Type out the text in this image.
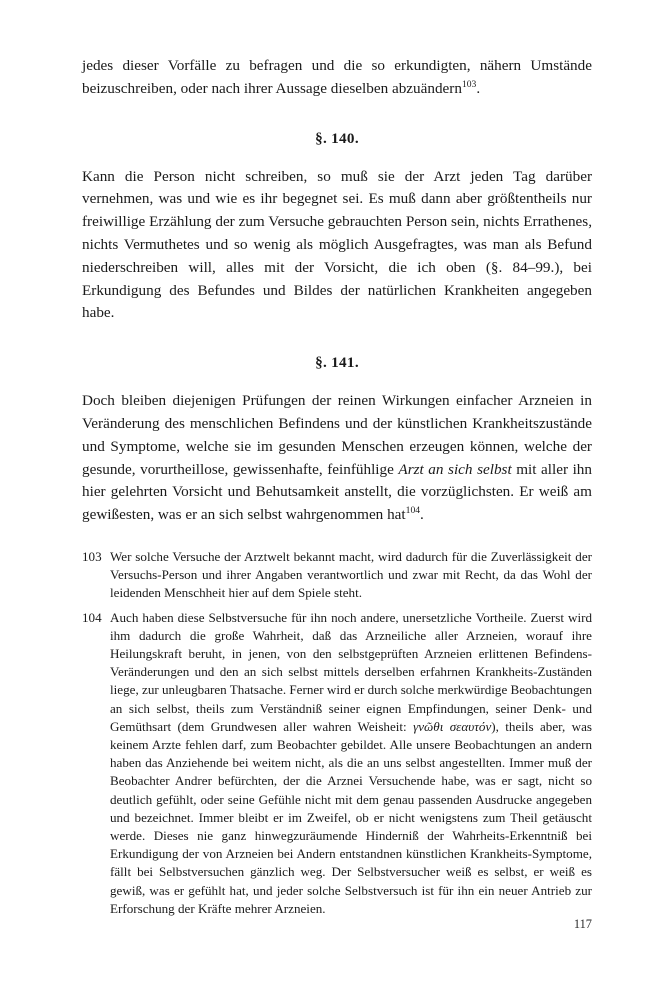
jedes dieser Vorfälle zu befragen und die so erkundigten, nähern Umstände beizuschreiben, oder nach ihrer Aussage dieselben abzuändern$^{103}$.

§. 140.

Kann die Person nicht schreiben, so muß sie der Arzt jeden Tag darüber vernehmen, was und wie es ihr begegnet sei. Es muß dann aber größtentheils nur freiwillige Erzählung der zum Versuche gebrauchten Person sein, nichts Errathenes, nichts Vermuthetes und so wenig als möglich Ausgefragtes, was man als Befund niederschreiben will, alles mit der Vorsicht, die ich oben (§. 84–99.), bei Erkundigung des Befundes und Bildes der natürlichen Krankheiten angegeben habe.

§. 141.

Doch bleiben diejenigen Prüfungen der reinen Wirkungen einfacher Arzneien in Veränderung des menschlichen Befindens und der künstlichen Krankheitszustände und Symptome, welche sie im gesunden Menschen erzeugen können, welche der gesunde, vorurtheillose, gewissenhafte, feinfühlige Arzt an sich selbst mit aller ihn hier gelehrten Vorsicht und Behutsamkeit anstellt, die vorzüglichsten. Er weiß am gewißesten, was er an sich selbst wahrgenommen hat$^{104}$.

103 Wer solche Versuche der Arztwelt bekannt macht, wird dadurch für die Zuverlässigkeit der Versuchs-Person und ihrer Angaben verantwortlich und zwar mit Recht, da das Wohl der leidenden Menschheit hier auf dem Spiele steht.
104 Auch haben diese Selbstversuche für ihn noch andere, unersetzliche Vortheile. Zuerst wird ihm dadurch die große Wahrheit, daß das Arzneiliche aller Arzneien, worauf ihre Heilungskraft beruht, in jenen, von den selbstgeprüften Arzneien erlittenen Befindens-Veränderungen und den an sich selbst mittels derselben erfahrnen Krankheits-Zuständen liege, zur unleugbaren Thatsache. Ferner wird er durch solche merkwürdige Beobachtungen an sich selbst, theils zum Verständniß seiner eignen Empfindungen, seiner Denk- und Gemüthsart (dem Grundwesen aller wahren Weisheit: γνῶθι σεαυτόν), theils aber, was keinem Arzte fehlen darf, zum Beobachter gebildet. Alle unsere Beobachtungen an andern haben das Anziehende bei weitem nicht, als die an uns selbst angestellten. Immer muß der Beobachter Andrer befürchten, der die Arznei Versuchende habe, was er sagt, nicht so deutlich gefühlt, oder seine Gefühle nicht mit dem genau passenden Ausdrucke angegeben und bezeichnet. Immer bleibt er im Zweifel, ob er nicht wenigstens zum Theil getäuscht werde. Dieses nie ganz hinwegzuräumende Hinderniß der Wahrheits-Erkenntniß bei Erkundigung der von Arzneien bei Andern entstandnen künstlichen Krankheits-Symptome, fällt bei Selbstversuchen gänzlich weg. Der Selbstversucher weiß es selbst, er weiß es gewiß, was er gefühlt hat, und jeder solche Selbstversuch ist für ihn ein neuer Antrieb zur Erforschung der Kräfte mehrer Arzneien.
117
